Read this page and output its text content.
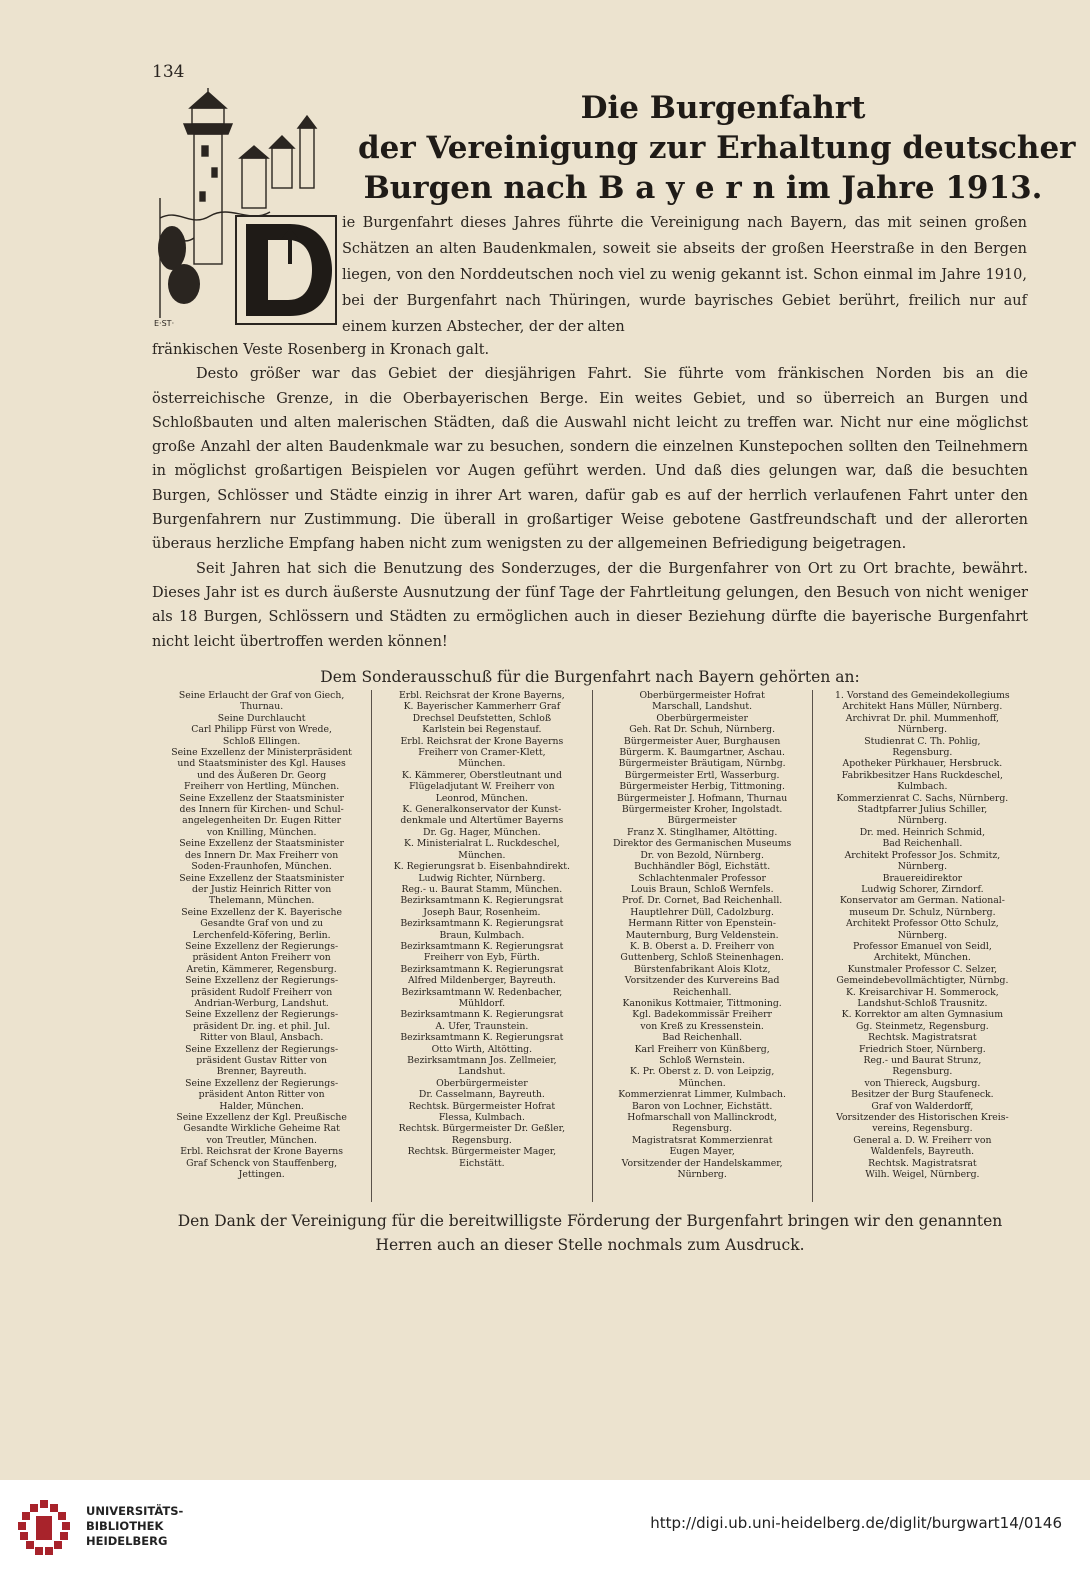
134
E·ST·
Die Burgenfahrt
der Vereinigung zur Erhaltung deutscher
Burgen nach B a y e r n im Jahre 1913.
ie Burgenfahrt dieses Jahres führte die Vereinigung nach Bayern, das mit seinen großen Schätzen an alten Baudenkmalen, soweit sie abseits der großen Heerstraße in den Bergen liegen, von den Norddeutschen noch viel zu wenig gekannt ist. Schon einmal im Jahre 1910, bei der Burgenfahrt nach Thüringen, wurde bayrisches Gebiet berührt, freilich nur auf einem kurzen Abstecher, der der alten

fränkischen Veste Rosenberg in Kronach galt.

Desto größer war das Gebiet der diesjährigen Fahrt. Sie führte vom fränkischen Norden bis an die österreichische Grenze, in die Oberbayerischen Berge. Ein weites Gebiet, und so überreich an Burgen und Schloßbauten und alten malerischen Städten, daß die Auswahl nicht leicht zu treffen war. Nicht nur eine möglichst große Anzahl der alten Baudenkmale war zu besuchen, sondern die einzelnen Kunstepochen sollten den Teilnehmern in möglichst großartigen Beispielen vor Augen geführt werden. Und daß dies gelungen war, daß die besuchten Burgen, Schlösser und Städte einzig in ihrer Art waren, dafür gab es auf der herrlich verlaufenen Fahrt unter den Burgenfahrern nur Zustimmung. Die überall in großartiger Weise gebotene Gastfreundschaft und der allerorten überaus herzliche Empfang haben nicht zum wenigsten zu der allgemeinen Befriedigung beigetragen.

Seit Jahren hat sich die Benutzung des Sonderzuges, der die Burgenfahrer von Ort zu Ort brachte, bewährt. Dieses Jahr ist es durch äußerste Ausnutzung der fünf Tage der Fahrtleitung gelungen, den Besuch von nicht weniger als 18 Burgen, Schlössern und Städten zu ermöglichen auch in dieser Beziehung dürfte die bayerische Burgenfahrt nicht leicht übertroffen werden können!

Dem Sonderausschuß für die Burgenfahrt nach Bayern gehörten an:
Seine Erlaucht der Graf von Giech,
Thurnau.
Seine Durchlaucht
Carl Philipp Fürst von Wrede,
Schloß Ellingen.
Seine Exzellenz der Ministerpräsident
und Staatsminister des Kgl. Hauses
und des Äußeren Dr. Georg
Freiherr von Hertling, München.
Seine Exzellenz der Staatsminister
des Innern für Kirchen- und Schul-
angelegenheiten Dr. Eugen Ritter
von Knilling, München.
Seine Exzellenz der Staatsminister
des Innern Dr. Max Freiherr von
Soden-Fraunhofen, München.
Seine Exzellenz der Staatsminister
der Justiz Heinrich Ritter von
Thelemann, München.
Seine Exzellenz der K. Bayerische
Gesandte Graf von und zu
Lerchenfeld-Köfering, Berlin.
Seine Exzellenz der Regierungs-
präsident Anton Freiherr von
Aretin, Kämmerer, Regensburg.
Seine Exzellenz der Regierungs-
präsident Rudolf Freiherr von
Andrian-Werburg, Landshut.
Seine Exzellenz der Regierungs-
präsident Dr. ing. et phil. Jul.
Ritter von Blaul, Ansbach.
Seine Exzellenz der Regierungs-
präsident Gustav Ritter von
Brenner, Bayreuth.
Seine Exzellenz der Regierungs-
präsident Anton Ritter von
Halder, München.
Seine Exzellenz der Kgl. Preußische
Gesandte Wirkliche Geheime Rat
von Treutler, München.
Erbl. Reichsrat der Krone Bayerns
Graf Schenck von Stauffenberg,
Jettingen.
Erbl. Reichsrat der Krone Bayerns,
K. Bayerischer Kammerherr Graf
Drechsel Deufstetten, Schloß
Karlstein bei Regenstauf.
Erbl. Reichsrat der Krone Bayerns
Freiherr von Cramer-Klett,
München.
K. Kämmerer, Oberstleutnant und
Flügeladjutant W. Freiherr von
Leonrod, München.
K. Generalkonservator der Kunst-
denkmale und Altertümer Bayerns
Dr. Gg. Hager, München.
K. Ministerialrat L. Ruckdeschel,
München.
K. Regierungsrat b. Eisenbahndirekt.
Ludwig Richter, Nürnberg.
Reg.- u. Baurat Stamm, München.
Bezirksamtmann K. Regierungsrat
Joseph Baur, Rosenheim.
Bezirksamtmann K. Regierungsrat
Braun, Kulmbach.
Bezirksamtmann K. Regierungsrat
Freiherr von Eyb, Fürth.
Bezirksamtmann K. Regierungsrat
Alfred Mildenberger, Bayreuth.
Bezirksamtmann W. Redenbacher,
Mühldorf.
Bezirksamtmann K. Regierungsrat
A. Ufer, Traunstein.
Bezirksamtmann K. Regierungsrat
Otto Wirth, Altötting.
Bezirksamtmann Jos. Zellmeier,
Landshut.
Oberbürgermeister
Dr. Casselmann, Bayreuth.
Rechtsk. Bürgermeister Hofrat
Flessa, Kulmbach.
Rechtsk. Bürgermeister Dr. Geßler,
Regensburg.
Rechtsk. Bürgermeister Mager,
Eichstätt.
Oberbürgermeister Hofrat
Marschall, Landshut.
Oberbürgermeister
Geh. Rat Dr. Schuh, Nürnberg.
Bürgermeister Auer, Burghausen
Bürgerm. K. Baumgartner, Aschau.
Bürgermeister Bräutigam, Nürnbg.
Bürgermeister Ertl, Wasserburg.
Bürgermeister Herbig, Tittmoning.
Bürgermeister J. Hofmann, Thurnau
Bürgermeister Kroher, Ingolstadt.
Bürgermeister
Franz X. Stinglhamer, Altötting.
Direktor des Germanischen Museums
Dr. von Bezold, Nürnberg.
Buchhändler Bögl, Eichstätt.
Schlachtenmaler Professor
Louis Braun, Schloß Wernfels.
Prof. Dr. Cornet, Bad Reichenhall.
Hauptlehrer Düll, Cadolzburg.
Hermann Ritter von Epenstein-
Mauternburg, Burg Veldenstein.
K. B. Oberst a. D. Freiherr von
Guttenberg, Schloß Steinenhagen.
Bürstenfabrikant Alois Klotz,
Vorsitzender des Kurvereins Bad
Reichenhall.
Kanonikus Kottmaier, Tittmoning.
Kgl. Badekommissär Freiherr
von Kreß zu Kressenstein.
Bad Reichenhall.
Karl Freiherr von Künßberg,
Schloß Wernstein.
K. Pr. Oberst z. D. von Leipzig,
München.
Kommerzienrat Limmer, Kulmbach.
Baron von Lochner, Eichstätt.
Hofmarschall von Mallinckrodt,
Regensburg.
Magistratsrat Kommerzienrat
Eugen Mayer,
Vorsitzender der Handelskammer,
Nürnberg.
1. Vorstand des Gemeindekollegiums
Architekt Hans Müller, Nürnberg.
Archivrat Dr. phil. Mummenhoff,
Nürnberg.
Studienrat C. Th. Pohlig,
Regensburg.
Apotheker Pürkhauer, Hersbruck.
Fabrikbesitzer Hans Ruckdeschel,
Kulmbach.
Kommerzienrat C. Sachs, Nürnberg.
Stadtpfarrer Julius Schiller,
Nürnberg.
Dr. med. Heinrich Schmid,
Bad Reichenhall.
Architekt Professor Jos. Schmitz,
Nürnberg.
Brauereidirektor
Ludwig Schorer, Zirndorf.
Konservator am German. National-
museum Dr. Schulz, Nürnberg.
Architekt Professor Otto Schulz,
Nürnberg.
Professor Emanuel von Seidl,
Architekt, München.
Kunstmaler Professor C. Selzer,
Gemeindebevollmächtigter, Nürnbg.
K. Kreisarchivar H. Sommerock,
Landshut-Schloß Trausnitz.
K. Korrektor am alten Gymnasium
Gg. Steinmetz, Regensburg.
Rechtsk. Magistratsrat
Friedrich Stoer, Nürnberg.
Reg.- und Baurat Strunz,
Regensburg.
von Thiereck, Augsburg.
Besitzer der Burg Staufeneck.
Graf von Walderdorff,
Vorsitzender des Historischen Kreis-
vereins, Regensburg.
General a. D. W. Freiherr von
Waldenfels, Bayreuth.
Rechtsk. Magistratsrat
Wilh. Weigel, Nürnberg.
Den Dank der Vereinigung für die bereitwilligste Förderung der Burgenfahrt bringen wir den genannten Herren auch an dieser Stelle nochmals zum Ausdruck.
UNIVERSITÄTS-
BIBLIOTHEK
HEIDELBERG
http://digi.ub.uni-heidelberg.de/diglit/burgwart14/0146
